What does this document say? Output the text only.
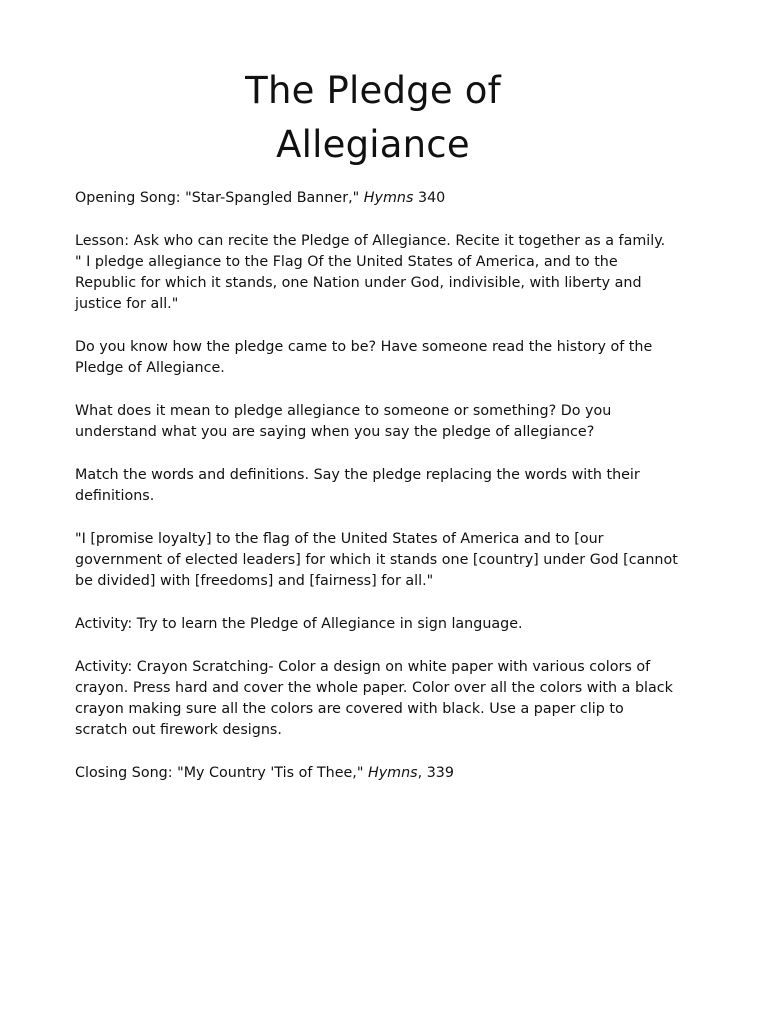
The Pledge of
Allegiance

Opening Song: "Star-Spangled Banner," Hymns 340

Lesson: Ask who can recite the Pledge of Allegiance. Recite it together as a family.
" I pledge allegiance to the Flag Of the United States of America, and to the Republic for which it stands, one Nation under God, indivisible, with liberty and justice for all."

Do you know how the pledge came to be? Have someone read the history of the Pledge of Allegiance.

What does it mean to pledge allegiance to someone or something? Do you understand what you are saying when you say the pledge of allegiance?

Match the words and definitions. Say the pledge replacing the words with their definitions.

"I [promise loyalty] to the flag of the United States of America and to [our government of elected leaders] for which it stands one [country] under God [cannot be divided] with [freedoms] and [fairness] for all."

Activity: Try to learn the Pledge of Allegiance in sign language.

Activity: Crayon Scratching- Color a design on white paper with various colors of crayon. Press hard and cover the whole paper. Color over all the colors with a black crayon making sure all the colors are covered with black. Use a paper clip to scratch out firework designs.

Closing Song: "My Country 'Tis of Thee," Hymns, 339
